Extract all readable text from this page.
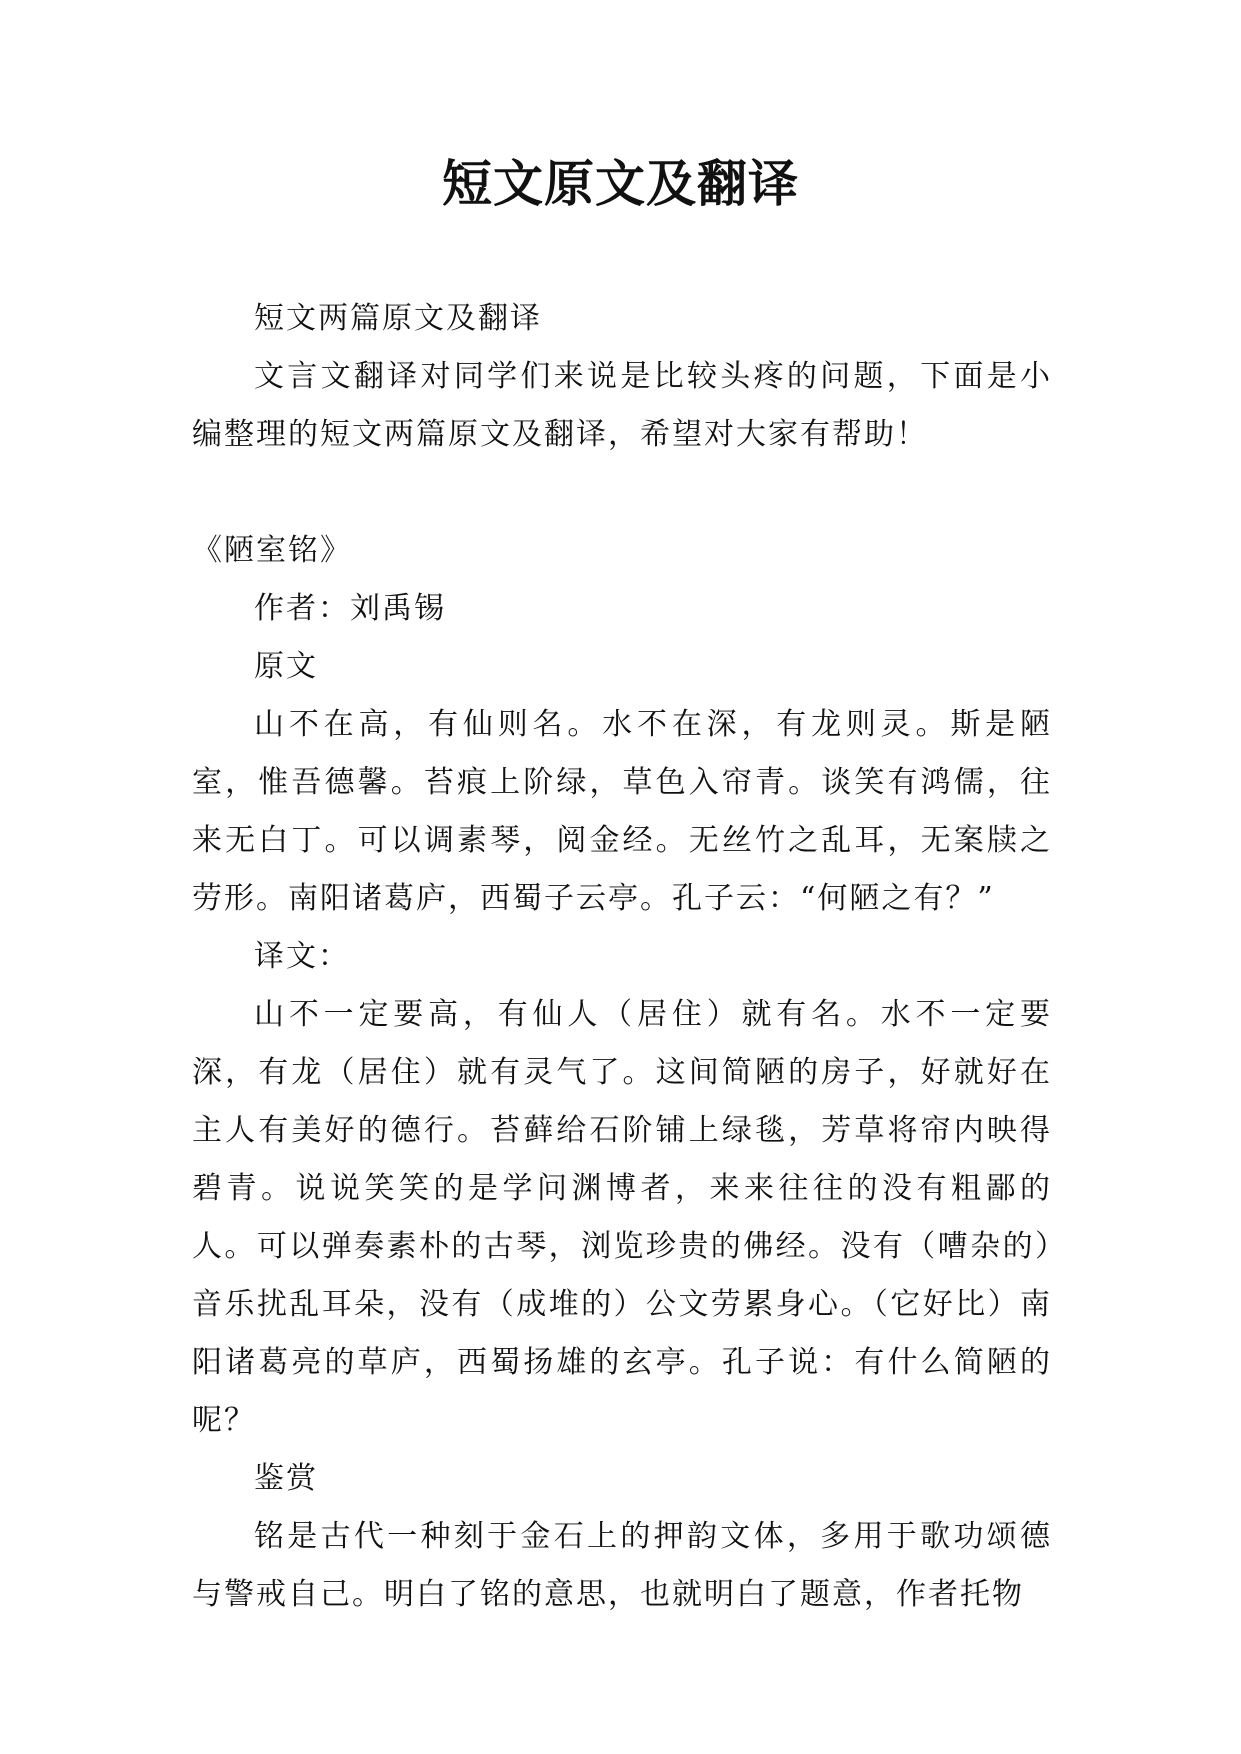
短文原文及翻译

短文两篇原文及翻译

文言文翻译对同学们来说是比较头疼的问题，下面是小编整理的短文两篇原文及翻译，希望对大家有帮助！

《陋室铭》

作者：刘禹锡

原文

山不在高，有仙则名。水不在深，有龙则灵。斯是陋室，惟吾德馨。苔痕上阶绿，草色入帘青。谈笑有鸿儒，往来无白丁。可以调素琴，阅金经。无丝竹之乱耳，无案牍之劳形。南阳诸葛庐，西蜀子云亭。孔子云：“何陋之有？”

译文：

山不一定要高，有仙人（居住）就有名。水不一定要深，有龙（居住）就有灵气了。这间简陋的房子，好就好在主人有美好的德行。苔藓给石阶铺上绿毯，芳草将帘内映得碧青。说说笑笑的是学问渊博者，来来往往的没有粗鄙的人。可以弹奏素朴的古琴，浏览珍贵的佛经。没有（嘈杂的）音乐扰乱耳朵，没有（成堆的）公文劳累身心。（它好比）南阳诸葛亮的草庐，西蜀扬雄的玄亭。孔子说：有什么简陋的呢？

鉴赏

铭是古代一种刻于金石上的押韵文体，多用于歌功颂德与警戒自己。明白了铭的意思，也就明白了题意，作者托物
